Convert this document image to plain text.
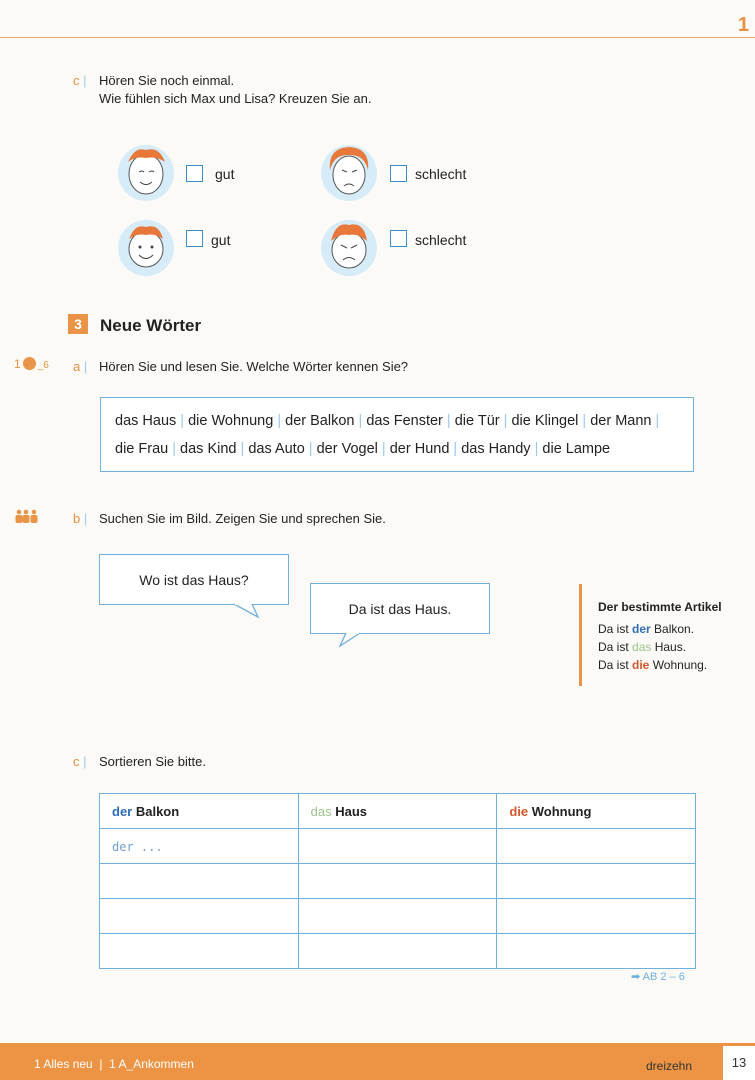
1
c | Hören Sie noch einmal.
Wie fühlen sich Max und Lisa? Kreuzen Sie an.
gut	schlecht
gut	schlecht
3	Neue Wörter
1 _6 a | Hören Sie und lesen Sie. Welche Wörter kennen Sie?
das Haus | die Wohnung | der Balkon | das Fenster | die Tür | die Klingel | der Mann |
die Frau | das Kind | das Auto | der Vogel | der Hund | das Handy | die Lampe
b | Suchen Sie im Bild. Zeigen Sie und sprechen Sie.
Wo ist das Haus?
Da ist das Haus.	Der bestimmte Artikel
Da ist der Balkon.
Da ist das Haus.
Da ist die Wohnung.
c | Sortieren Sie bitte.
der Balkon	das Haus	die Wohnung
der ...		

➡ AB 2 – 6
1 Alles neu  |  1 A_Ankommen	dreizehn	13
